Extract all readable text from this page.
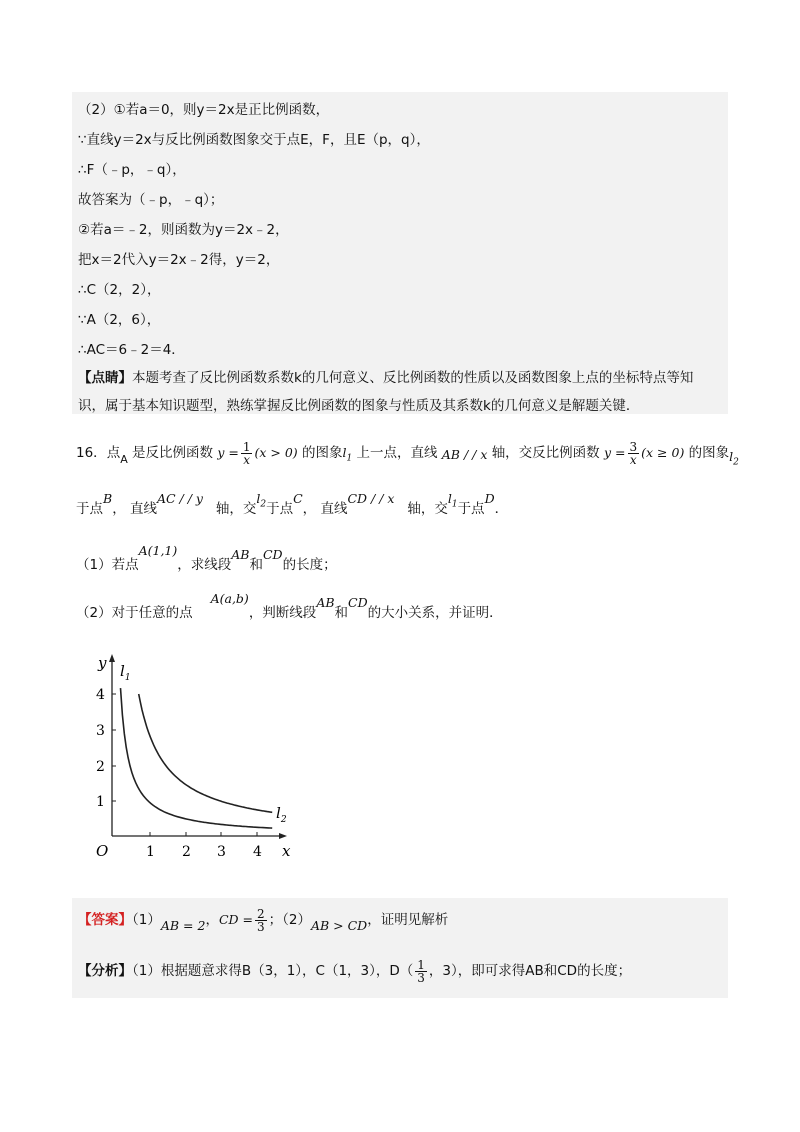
（2）①若a＝0，则y＝2x是正比例函数，
∵直线y＝2x与反比例函数图象交于点E，F，且E（p，q），
∴F（﹣p，﹣q），
故答案为（﹣p，﹣q）；
②若a＝﹣2，则函数为y＝2x﹣2，
把x＝2代入y＝2x﹣2得，y＝2，
∴C（2，2），
∵A（2，6），
∴AC＝6﹣2＝4．
【点睛】本题考查了反比例函数系数k的几何意义、反比例函数的性质以及函数图象上点的坐标特点等知
识，属于基本知识题型，熟练掌握反比例函数的图象与性质及其系数k的几何意义是解题关键．
16．点$_A$ 是反比例函数 $y = \frac{1}{x} (x > 0)$ 的图象$l_1$ 上一点，直线 AB / / x 轴，交反比例函数 $y = \frac{3}{x} (x \ge 0)$ 的图象$l_2$
于点B， 直线AC / / y   轴，交$l_2$于点C， 直线CD / / x   轴，交$l_1$于点D．
（1）若点A(1,1)，求线段AB和CD的长度；
（2）对于任意的点A(a,b)，判断线段AB和CD的大小关系，并证明．
y
x
O	1 2 3 4
1
2
3
4
$l_1$
$l_2$
【答案】（1）AB = 2，CD = $\frac{2}{3}$ ；（2）AB > CD，证明见解析
【分析】（1）根据题意求得B（3，1），C（1，3），$D( \frac{1}{3}$ ，3），即可求得AB和CD的长度；
